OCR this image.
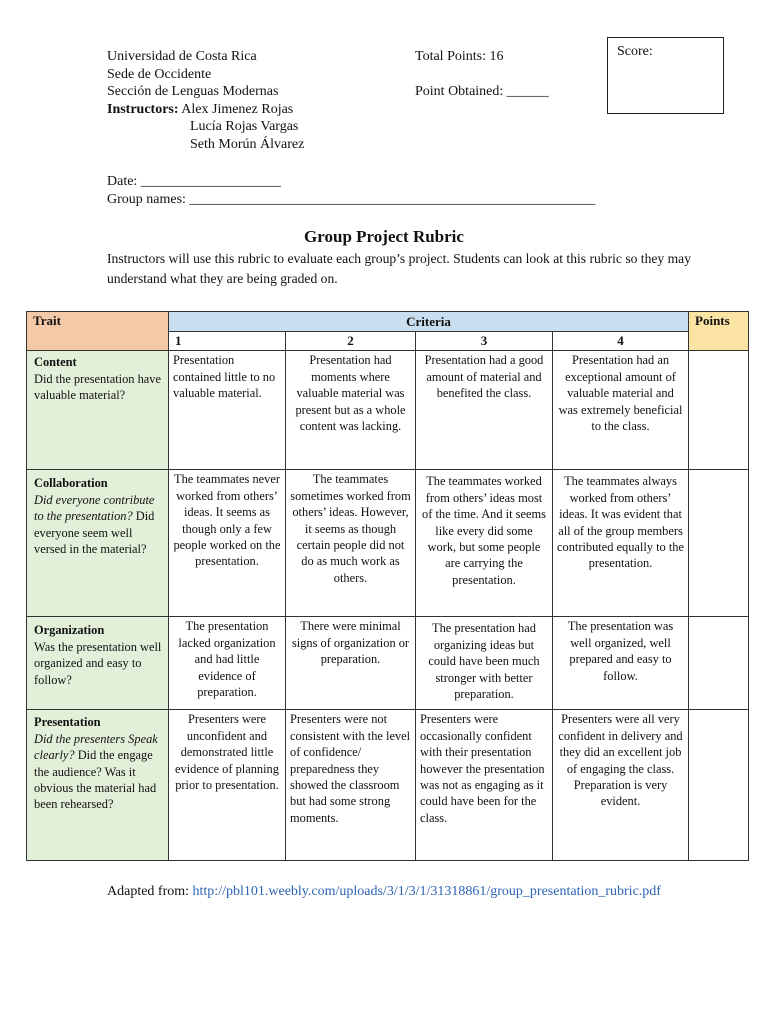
Universidad de Costa Rica
Sede de Occidente
Sección de Lenguas Modernas
Instructors: Alex Jimenez Rojas
Lucía Rojas Vargas
Seth Morún Álvarez
Total Points: 16
Point Obtained: ______
Score:
Date: ____________________
Group names: __________________________________________________________
Group Project Rubric
Instructors will use this rubric to evaluate each group’s project. Students can look at this rubric so they may understand what they are being graded on.
Trait	Criteria				Points
	1	2	3	4	

Content
Did the presentation have valuable material?	Presentation contained little to no valuable material.	Presentation had moments where valuable material was present but as a whole content was lacking.	Presentation had a good amount of material and benefited the class.	Presentation had an exceptional amount of valuable material and was extremely beneficial to the class.	

Collaboration
Did everyone contribute to the presentation? Did everyone seem well versed in the material?	The teammates never worked from others’ ideas. It seems as though only a few people worked on the presentation.	The teammates sometimes worked from others’ ideas. However, it seems as though certain people did not do as much work as others.	The teammates worked from others’ ideas most of the time. And it seems like every did some work, but some people are carrying the presentation.	The teammates always worked from others’ ideas. It was evident that all of the group members contributed equally to the presentation.	

Organization
Was the presentation well organized and easy to follow?	The presentation lacked organization and had little evidence of preparation.	There were minimal signs of organization or preparation.	The presentation had organizing ideas but could have been much stronger with better preparation.	The presentation was well organized, well prepared and easy to follow.	

Presentation
Did the presenters Speak clearly? Did the engage the audience? Was it obvious the material had been rehearsed?	Presenters were unconfident and demonstrated little evidence of planning prior to presentation.	Presenters were not consistent with the level of confidence/ preparedness they showed the classroom but had some strong moments.	Presenters were occasionally confident with their presentation however the presentation was not as engaging as it could have been for the class.	Presenters were all very confident in delivery and they did an excellent job of engaging the class. Preparation is very evident.	
Adapted from: http://pbl101.weebly.com/uploads/3/1/3/1/31318861/group_presentation_rubric.pdf
